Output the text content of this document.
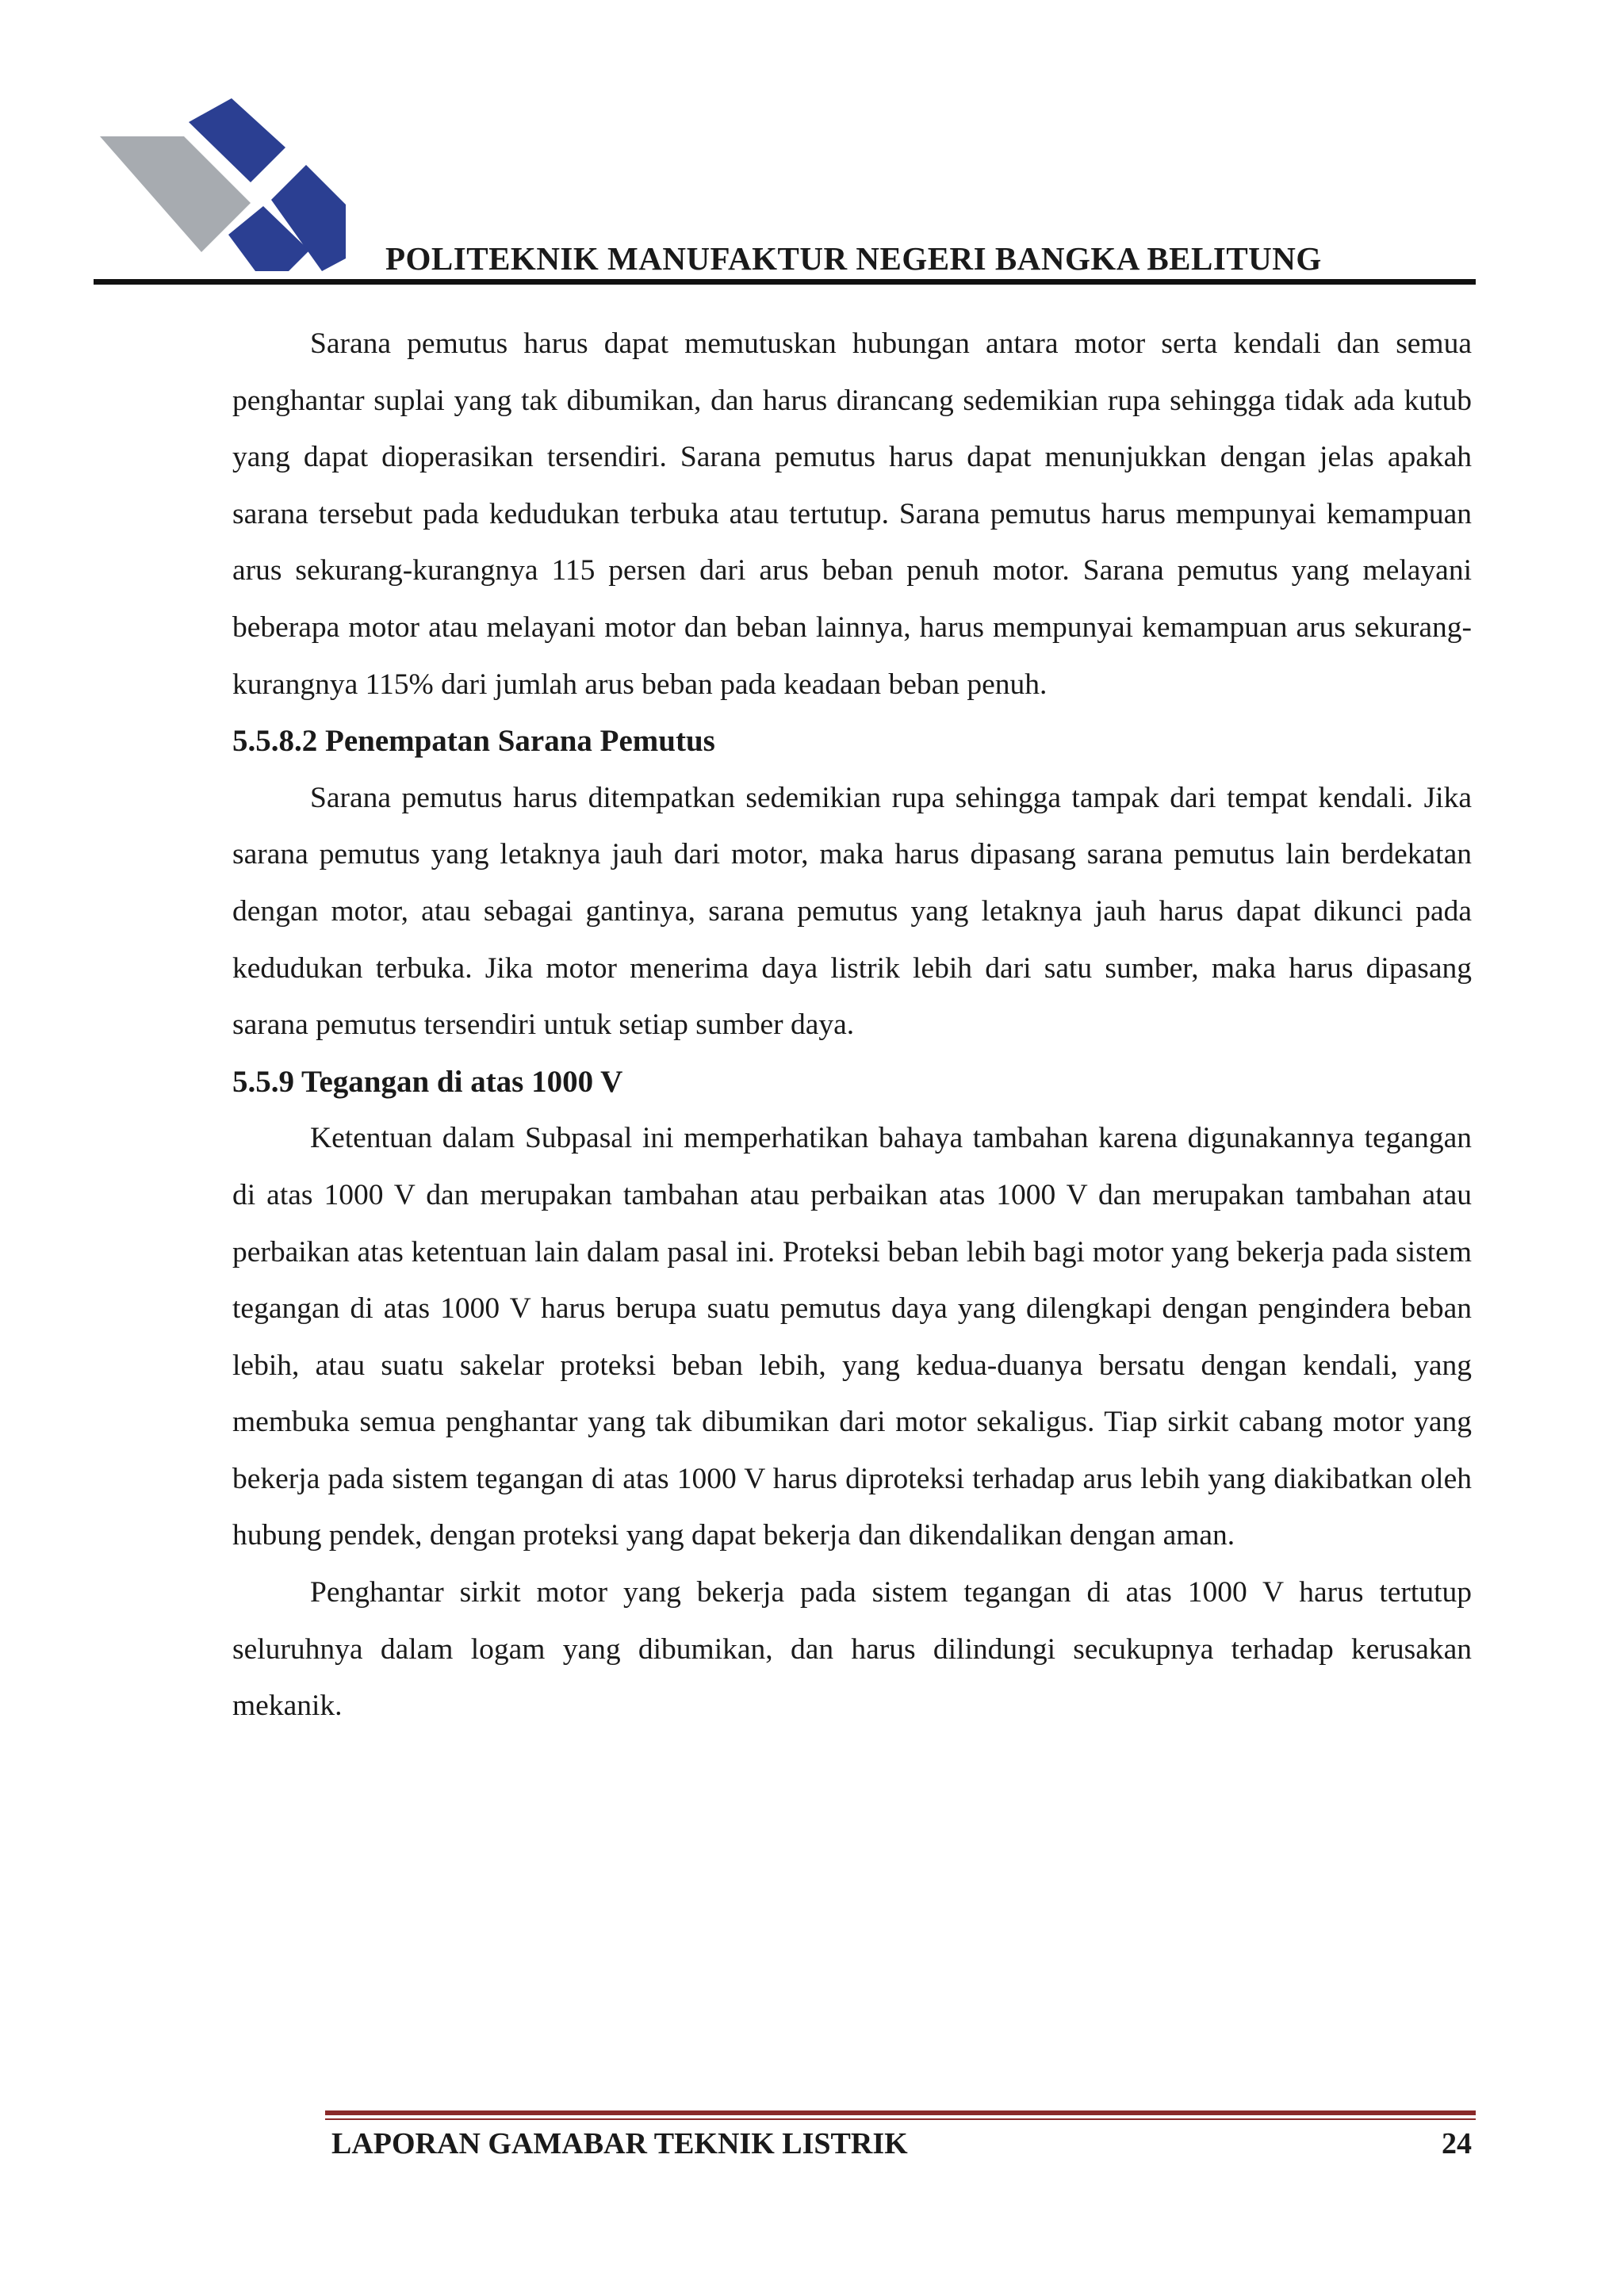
POLITEKNIK MANUFAKTUR NEGERI BANGKA BELITUNG

Sarana pemutus harus dapat memutuskan hubungan antara motor serta kendali dan semua penghantar suplai yang tak dibumikan, dan harus dirancang sedemikian rupa sehingga tidak ada kutub yang dapat dioperasikan tersendiri. Sarana pemutus harus dapat menunjukkan dengan jelas apakah sarana tersebut pada kedudukan terbuka atau tertutup. Sarana pemutus harus mempunyai kemampuan arus sekurang-kurangnya 115 persen dari arus beban penuh motor. Sarana pemutus yang melayani beberapa motor atau melayani motor dan beban lainnya, harus mempunyai kemampuan arus sekurang-kurangnya 115% dari jumlah arus beban pada keadaan beban penuh.

5.5.8.2 Penempatan Sarana Pemutus

Sarana pemutus harus ditempatkan sedemikian rupa sehingga tampak dari tempat kendali. Jika sarana pemutus yang letaknya jauh dari motor, maka harus dipasang sarana pemutus lain berdekatan dengan motor, atau sebagai gantinya, sarana pemutus yang letaknya jauh harus dapat dikunci pada kedudukan terbuka. Jika motor menerima daya listrik lebih dari satu sumber, maka harus dipasang sarana pemutus tersendiri untuk setiap sumber daya.

5.5.9 Tegangan di atas 1000 V

Ketentuan dalam Subpasal ini memperhatikan bahaya tambahan karena digunakannya tegangan di atas 1000 V dan merupakan tambahan atau perbaikan atas 1000 V dan merupakan tambahan atau perbaikan atas ketentuan lain dalam pasal ini. Proteksi beban lebih bagi motor yang bekerja pada sistem tegangan di atas 1000 V harus berupa suatu pemutus daya yang dilengkapi dengan pengindera beban lebih, atau suatu sakelar proteksi beban lebih, yang kedua-duanya bersatu dengan kendali, yang membuka semua penghantar yang tak dibumikan dari motor sekaligus. Tiap sirkit cabang motor yang bekerja pada sistem tegangan di atas 1000 V harus diproteksi terhadap arus lebih yang diakibatkan oleh hubung pendek, dengan proteksi yang dapat bekerja dan dikendalikan dengan aman.

Penghantar sirkit motor yang bekerja pada sistem tegangan di atas 1000 V harus tertutup seluruhnya dalam logam yang dibumikan, dan harus dilindungi secukupnya terhadap kerusakan mekanik.

LAPORAN GAMABAR TEKNIK LISTRIK	24
